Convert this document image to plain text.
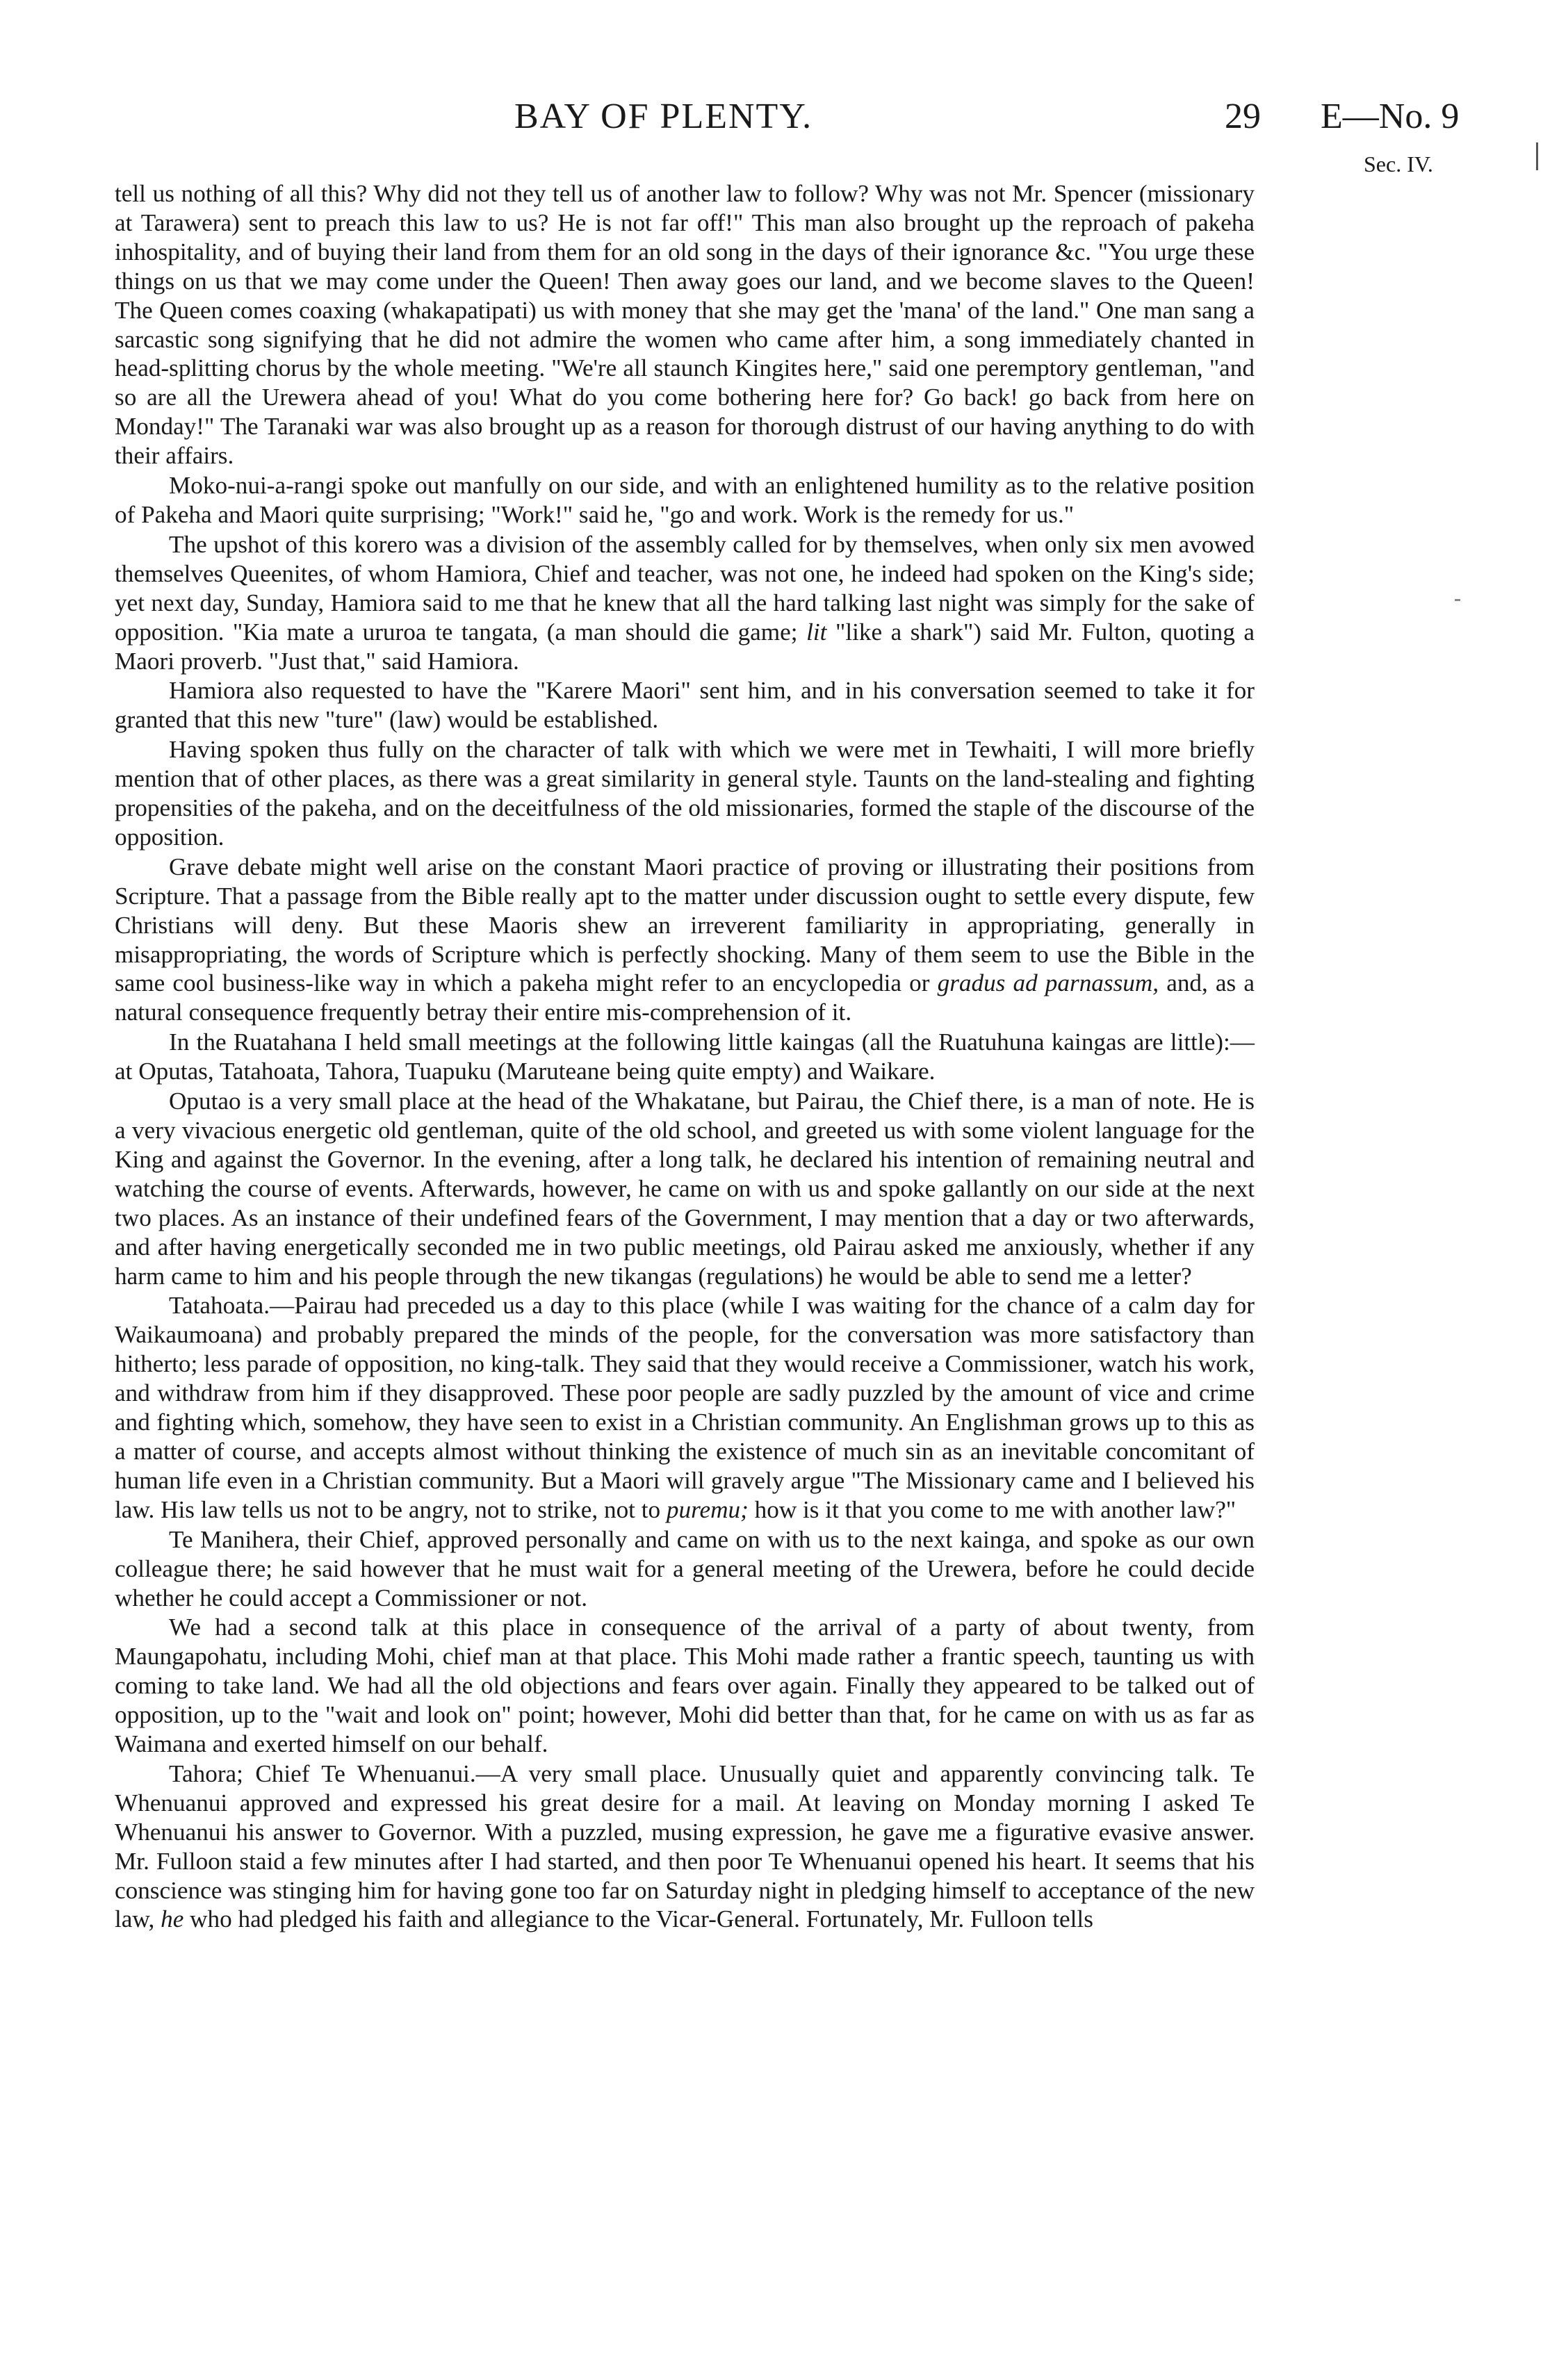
BAY OF PLENTY.	29 E—No. 9
Sec. IV.

tell us nothing of all this? Why did not they tell us of another law to follow? Why was not Mr. Spencer (missionary at Tarawera) sent to preach this law to us? He is not far off!" This man also brought up the reproach of pakeha inhospitality, and of buying their land from them for an old song in the days of their ignorance &c. "You urge these things on us that we may come under the Queen! Then away goes our land, and we become slaves to the Queen! The Queen comes coaxing (whakapatipati) us with money that she may get the 'mana' of the land." One man sang a sarcastic song signifying that he did not admire the women who came after him, a song immediately chanted in head-splitting chorus by the whole meeting. "We're all staunch Kingites here," said one peremptory gentleman, "and so are all the Urewera ahead of you! What do you come bothering here for? Go back! go back from here on Monday!" The Taranaki war was also brought up as a reason for thorough distrust of our having anything to do with their affairs.

Moko-nui-a-rangi spoke out manfully on our side, and with an enlightened humility as to the relative position of Pakeha and Maori quite surprising; "Work!" said he, "go and work. Work is the remedy for us."

The upshot of this korero was a division of the assembly called for by themselves, when only six men avowed themselves Queenites, of whom Hamiora, Chief and teacher, was not one, he indeed had spoken on the King's side; yet next day, Sunday, Hamiora said to me that he knew that all the hard talking last night was simply for the sake of opposition. "Kia mate a ururoa te tangata, (a man should die game; lit "like a shark") said Mr. Fulton, quoting a Maori proverb. "Just that," said Hamiora.

Hamiora also requested to have the "Karere Maori" sent him, and in his conversation seemed to take it for granted that this new "ture" (law) would be established.

Having spoken thus fully on the character of talk with which we were met in Tewhaiti, I will more briefly mention that of other places, as there was a great similarity in general style. Taunts on the land-stealing and fighting propensities of the pakeha, and on the deceitfulness of the old missionaries, formed the staple of the discourse of the opposition.

Grave debate might well arise on the constant Maori practice of proving or illustrating their positions from Scripture. That a passage from the Bible really apt to the matter under discussion ought to settle every dispute, few Christians will deny. But these Maoris shew an irreverent familiarity in appropriating, generally in misappropriating, the words of Scripture which is perfectly shocking. Many of them seem to use the Bible in the same cool business-like way in which a pakeha might refer to an encyclopedia or gradus ad parnassum, and, as a natural consequence frequently betray their entire mis-comprehension of it.

In the Ruatahana I held small meetings at the following little kaingas (all the Ruatuhuna kaingas are little):—at Oputas, Tatahoata, Tahora, Tuapuku (Maruteane being quite empty) and Waikare.

Oputao is a very small place at the head of the Whakatane, but Pairau, the Chief there, is a man of note. He is a very vivacious energetic old gentleman, quite of the old school, and greeted us with some violent language for the King and against the Governor. In the evening, after a long talk, he declared his intention of remaining neutral and watching the course of events. Afterwards, however, he came on with us and spoke gallantly on our side at the next two places. As an instance of their undefined fears of the Government, I may mention that a day or two afterwards, and after having energetically seconded me in two public meetings, old Pairau asked me anxiously, whether if any harm came to him and his people through the new tikangas (regulations) he would be able to send me a letter?

Tatahoata.—Pairau had preceded us a day to this place (while I was waiting for the chance of a calm day for Waikaumoana) and probably prepared the minds of the people, for the conversation was more satisfactory than hitherto; less parade of opposition, no king-talk. They said that they would receive a Commissioner, watch his work, and withdraw from him if they disapproved. These poor people are sadly puzzled by the amount of vice and crime and fighting which, somehow, they have seen to exist in a Christian community. An Englishman grows up to this as a matter of course, and accepts almost without thinking the existence of much sin as an inevitable concomitant of human life even in a Christian community. But a Maori will gravely argue "The Missionary came and I believed his law. His law tells us not to be angry, not to strike, not to puremu; how is it that you come to me with another law?"

Te Manihera, their Chief, approved personally and came on with us to the next kainga, and spoke as our own colleague there; he said however that he must wait for a general meeting of the Urewera, before he could decide whether he could accept a Commissioner or not.

We had a second talk at this place in consequence of the arrival of a party of about twenty, from Maungapohatu, including Mohi, chief man at that place. This Mohi made rather a frantic speech, taunting us with coming to take land. We had all the old objections and fears over again. Finally they appeared to be talked out of opposition, up to the "wait and look on" point; however, Mohi did better than that, for he came on with us as far as Waimana and exerted himself on our behalf.

Tahora; Chief Te Whenuanui.—A very small place. Unusually quiet and apparently convincing talk. Te Whenuanui approved and expressed his great desire for a mail. At leaving on Monday morning I asked Te Whenuanui his answer to Governor. With a puzzled, musing expression, he gave me a figurative evasive answer. Mr. Fulloon staid a few minutes after I had started, and then poor Te Whenuanui opened his heart. It seems that his conscience was stinging him for having gone too far on Saturday night in pledging himself to acceptance of the new law, he who had pledged his faith and allegiance to the Vicar-General. Fortunately, Mr. Fulloon tells
